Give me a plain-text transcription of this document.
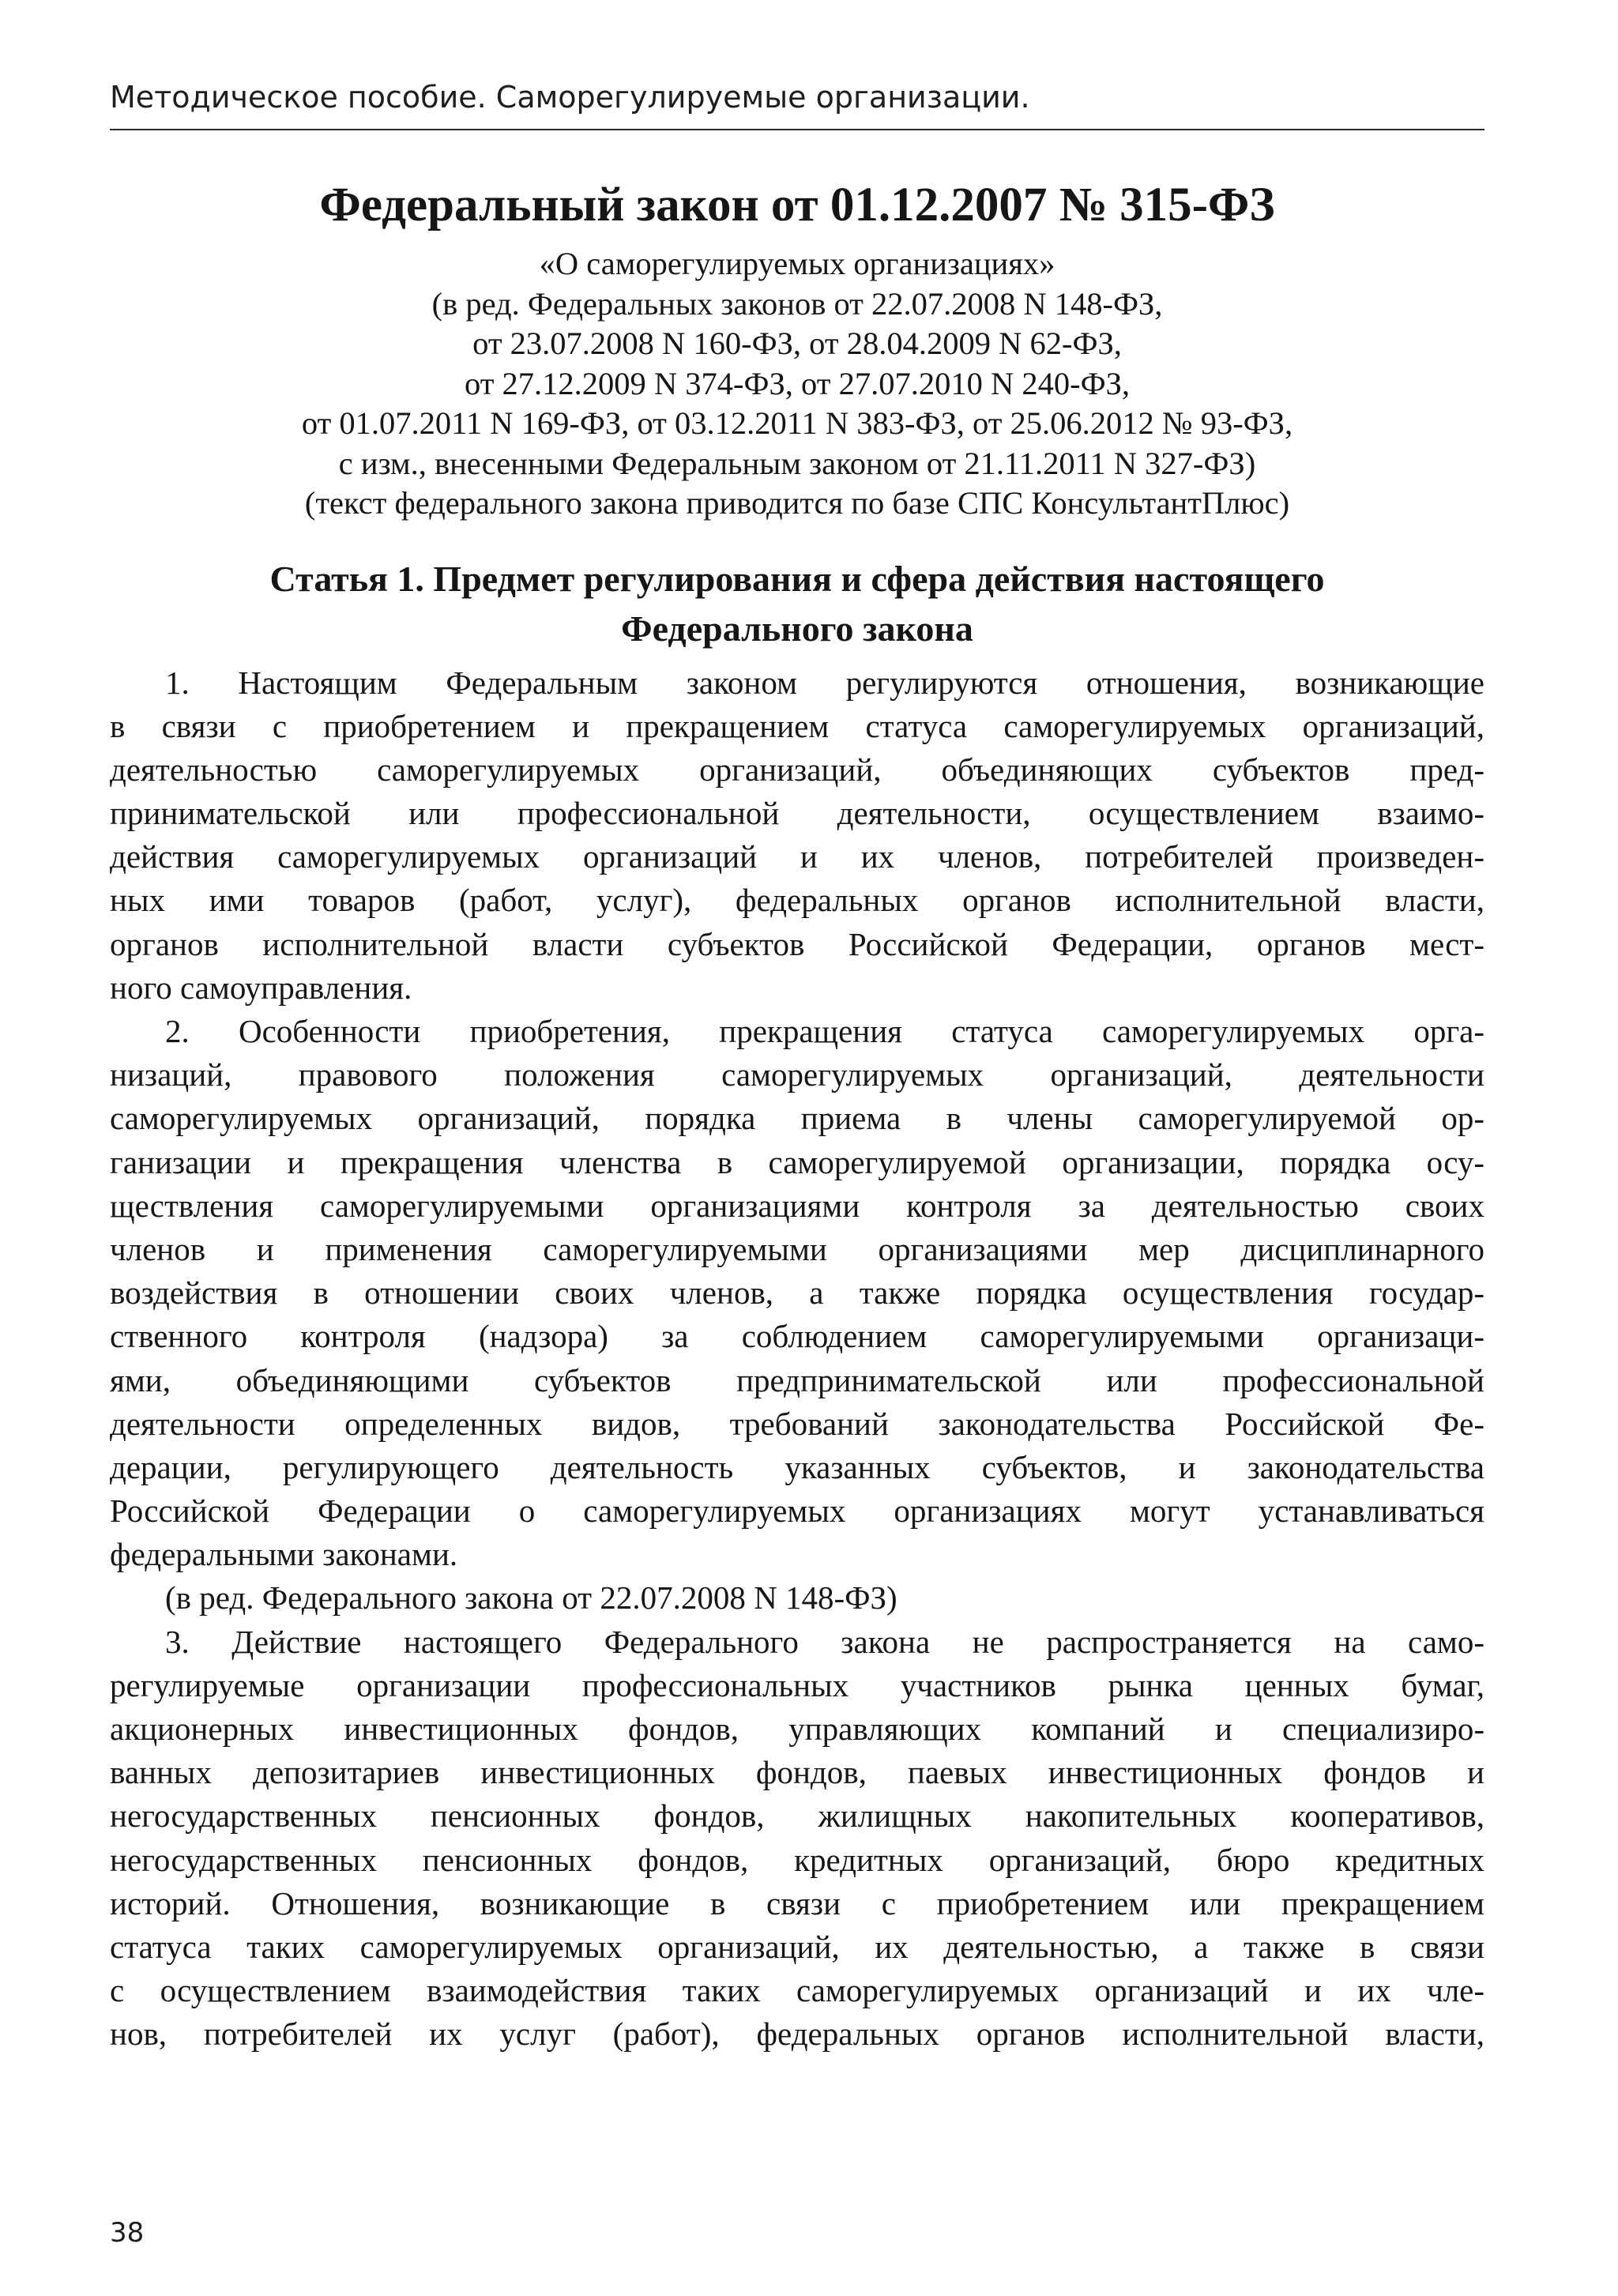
Методическое пособие. Саморегулируемые организации.
Федеральный закон от 01.12.2007 № 315-ФЗ
«О саморегулируемых организациях»
(в ред. Федеральных законов от 22.07.2008 N 148-ФЗ,
от 23.07.2008 N 160-ФЗ, от 28.04.2009 N 62-ФЗ,
от 27.12.2009 N 374-ФЗ, от 27.07.2010 N 240-ФЗ,
от 01.07.2011 N 169-ФЗ, от 03.12.2011 N 383-ФЗ, от 25.06.2012 № 93-ФЗ,
с изм., внесенными Федеральным законом от 21.11.2011 N 327-ФЗ)
(текст федерального закона приводится по базе СПС КонсультантПлюс)
Статья 1. Предмет регулирования и сфера действия настоящего
Федерального закона
1. Настоящим Федеральным законом регулируются отношения, возникающие
в связи с приобретением и прекращением статуса саморегулируемых организаций,
деятельностью саморегулируемых организаций, объединяющих субъектов пред-
принимательской или профессиональной деятельности, осуществлением взаимо-
действия саморегулируемых организаций и их членов, потребителей произведен-
ных ими товаров (работ, услуг), федеральных органов исполнительной власти,
органов исполнительной власти субъектов Российской Федерации, органов мест-
ного самоуправления.
2. Особенности приобретения, прекращения статуса саморегулируемых орга-
низаций, правового положения саморегулируемых организаций, деятельности
саморегулируемых организаций, порядка приема в члены саморегулируемой ор-
ганизации и прекращения членства в саморегулируемой организации, порядка осу-
ществления саморегулируемыми организациями контроля за деятельностью своих
членов и применения саморегулируемыми организациями мер дисциплинарного
воздействия в отношении своих членов, а также порядка осуществления государ-
ственного контроля (надзора) за соблюдением саморегулируемыми организаци-
ями, объединяющими субъектов предпринимательской или профессиональной
деятельности определенных видов, требований законодательства Российской Фе-
дерации, регулирующего деятельность указанных субъектов, и законодательства
Российской Федерации о саморегулируемых организациях могут устанавливаться
федеральными законами.
(в ред. Федерального закона от 22.07.2008 N 148-ФЗ)
3. Действие настоящего Федерального закона не распространяется на само-
регулируемые организации профессиональных участников рынка ценных бумаг,
акционерных инвестиционных фондов, управляющих компаний и специализиро-
ванных депозитариев инвестиционных фондов, паевых инвестиционных фондов и
негосударственных пенсионных фондов, жилищных накопительных кооперативов,
негосударственных пенсионных фондов, кредитных организаций, бюро кредитных
историй. Отношения, возникающие в связи с приобретением или прекращением
статуса таких саморегулируемых организаций, их деятельностью, а также в связи
с осуществлением взаимодействия таких саморегулируемых организаций и их чле-
нов, потребителей их услуг (работ), федеральных органов исполнительной власти,
38
